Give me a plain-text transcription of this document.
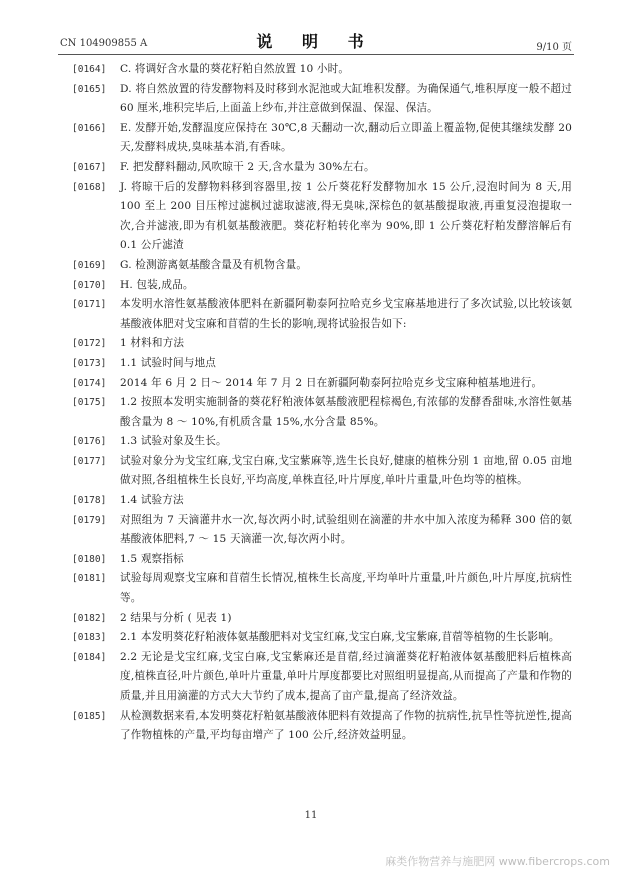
CN 104909855 A	说 明 书	9/10 页
[0164]	C. 将调好含水量的葵花籽粕自然放置 10 小时。
[0165]	D. 将自然放置的待发酵物料及时移到水泥池或大缸堆积发酵。为确保通气,堆积厚度一般不超过 60 厘米,堆积完毕后,上面盖上纱布,并注意做到保温、保湿、保洁。
[0166]	E. 发酵开始,发酵温度应保持在 30℃,8 天翻动一次,翻动后立即盖上覆盖物,促使其继续发酵 20 天,发酵料成块,臭味基本消,有香味。
[0167]	F. 把发酵料翻动,风吹晾干 2 天,含水量为 30%左右。
[0168]	J. 将晾干后的发酵物料移到容器里,按 1 公斤葵花籽发酵物加水 15 公斤,浸泡时间为 8 天,用 100 至上 200 目压榨过滤枫过滤取滤液,得无臭味,深棕色的氨基酸提取液,再重复浸泡提取一次,合并滤液,即为有机氨基酸液肥。葵花籽粕转化率为 90%,即 1 公斤葵花籽粕发酵溶解后有 0.1 公斤滤渣
[0169]	G. 检测游离氨基酸含量及有机物含量。
[0170]	H. 包装,成品。
[0171]	本发明水溶性氨基酸液体肥料在新疆阿勒泰阿拉哈克乡戈宝麻基地进行了多次试验,以比较该氨基酸液体肥对戈宝麻和苜蓿的生长的影响,现将试验报告如下:
[0172]	1 材料和方法
[0173]	1.1 试验时间与地点
[0174]	2014 年 6 月 2 日～ 2014 年 7 月 2 日在新疆阿勒泰阿拉哈克乡戈宝麻种植基地进行。
[0175]	1.2 按照本发明实施制备的葵花籽粕液体氨基酸液肥程棕褐色,有浓郁的发酵香甜味,水溶性氨基酸含量为 8 ～ 10%,有机质含量 15%,水分含量 85%。
[0176]	1.3 试验对象及生长。
[0177]	试验对象分为戈宝红麻,戈宝白麻,戈宝紫麻等,选生长良好,健康的植株分别 1 亩地,留 0.05 亩地做对照,各组植株生长良好,平均高度,单株直径,叶片厚度,单叶片重量,叶色均等的植株。
[0178]	1.4 试验方法
[0179]	对照组为 7 天滴灌井水一次,每次两小时,试验组则在滴灌的井水中加入浓度为稀释 300 倍的氨基酸液体肥料,7 ～ 15 天滴灌一次,每次两小时。
[0180]	1.5 观察指标
[0181]	试验每周观察戈宝麻和苜蓿生长情况,植株生长高度,平均单叶片重量,叶片颜色,叶片厚度,抗病性等。
[0182]	2 结果与分析 ( 见表 1)
[0183]	2.1 本发明葵花籽粕液体氨基酸肥料对戈宝红麻,戈宝白麻,戈宝紫麻,苜蓿等植物的生长影响。
[0184]	2.2 无论是戈宝红麻,戈宝白麻,戈宝紫麻还是苜蓿,经过滴灌葵花籽粕液体氨基酸肥料后植株高度,植株直径,叶片颜色,单叶片重量,单叶片厚度都要比对照组明显提高,从而提高了产量和作物的质量,并且用滴灌的方式大大节约了成本,提高了亩产量,提高了经济效益。
[0185]	从检测数据来看,本发明葵花籽粕氨基酸液体肥料有效提高了作物的抗病性,抗旱性等抗逆性,提高了作物植株的产量,平均每亩增产了 100 公斤,经济效益明显。
11
麻类作物营养与施肥网 www.fibercrops.com
